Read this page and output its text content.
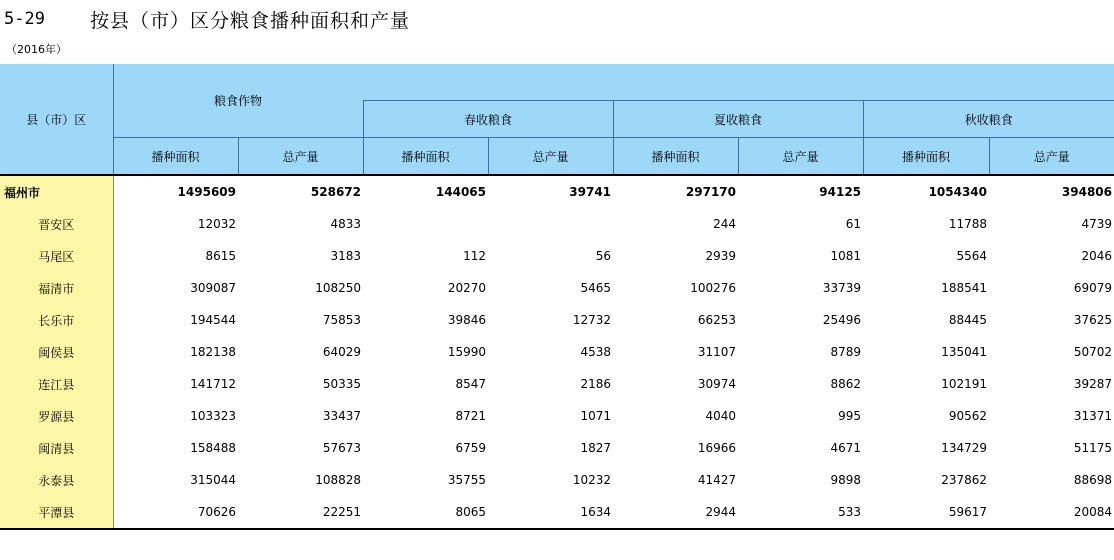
5-29	按县（市）区分粮食播种面积和产量
（2016年）
县（市）区	粮食作物							
			春收粮食		夏收粮食		秋收粮食	
	播种面积	总产量	播种面积	总产量	播种面积	总产量	播种面积	总产量
福州市	1495609	528672	144065	39741	297170	94125	1054340	394806
晋安区	12032	4833			244	61	11788	4739
马尾区	8615	3183	112	56	2939	1081	5564	2046
福清市	309087	108250	20270	5465	100276	33739	188541	69079
长乐市	194544	75853	39846	12732	66253	25496	88445	37625
闽侯县	182138	64029	15990	4538	31107	8789	135041	50702
连江县	141712	50335	8547	2186	30974	8862	102191	39287
罗源县	103323	33437	8721	1071	4040	995	90562	31371
闽清县	158488	57673	6759	1827	16966	4671	134729	51175
永泰县	315044	108828	35755	10232	41427	9898	237862	88698
平潭县	70626	22251	8065	1634	2944	533	59617	20084
